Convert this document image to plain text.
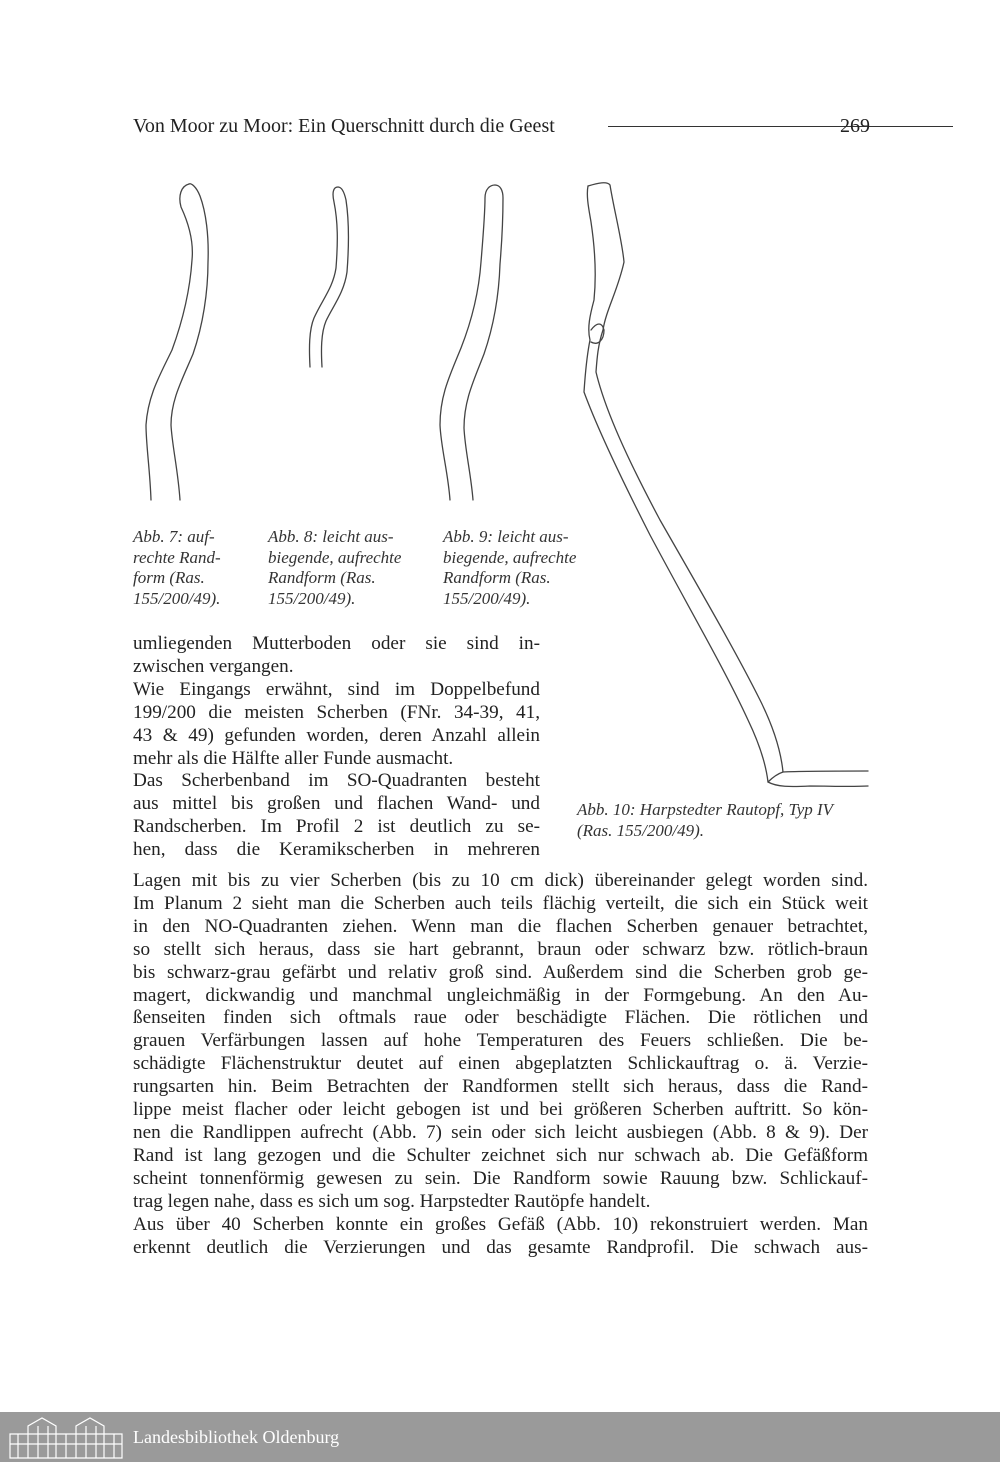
Von Moor zu Moor: Ein Querschnitt durch die Geest	269
Abb. 7: auf-
rechte Rand-
form (Ras.
155/200/49).
Abb. 8: leicht aus-
biegende, aufrechte
Randform (Ras.
155/200/49).
Abb. 9: leicht aus-
biegende, aufrechte
Randform (Ras.
155/200/49).
Abb. 10: Harpstedter Rautopf, Typ IV
(Ras. 155/200/49).
umliegenden Mutterboden oder sie sind in-
zwischen vergangen.
Wie Eingangs erwähnt, sind im Doppelbefund
199/200 die meisten Scherben (FNr. 34-39, 41,
43 & 49) gefunden worden, deren Anzahl allein
mehr als die Hälfte aller Funde ausmacht.
Das Scherbenband im SO-Quadranten besteht
aus mittel bis großen und flachen Wand- und
Randscherben. Im Profil 2 ist deutlich zu se-
hen, dass die Keramikscherben in mehreren
Lagen mit bis zu vier Scherben (bis zu 10 cm dick) übereinander gelegt worden sind.
Im Planum 2 sieht man die Scherben auch teils flächig verteilt, die sich ein Stück weit
in den NO-Quadranten ziehen. Wenn man die flachen Scherben genauer betrachtet,
so stellt sich heraus, dass sie hart gebrannt, braun oder schwarz bzw. rötlich-braun
bis schwarz-grau gefärbt und relativ groß sind. Außerdem sind die Scherben grob ge-
magert, dickwandig und manchmal ungleichmäßig in der Formgebung. An den Au-
ßenseiten finden sich oftmals raue oder beschädigte Flächen. Die rötlichen und
grauen Verfärbungen lassen auf hohe Temperaturen des Feuers schließen. Die be-
schädigte Flächenstruktur deutet auf einen abgeplatzten Schlickauftrag o. ä. Verzie-
rungsarten hin. Beim Betrachten der Randformen stellt sich heraus, dass die Rand-
lippe meist flacher oder leicht gebogen ist und bei größeren Scherben auftritt. So kön-
nen die Randlippen aufrecht (Abb. 7) sein oder sich leicht ausbiegen (Abb. 8 & 9). Der
Rand ist lang gezogen und die Schulter zeichnet sich nur schwach ab. Die Gefäßform
scheint tonnenförmig gewesen zu sein. Die Randform sowie Rauung bzw. Schlickauf-
trag legen nahe, dass es sich um sog. Harpstedter Rautöpfe handelt.
Aus über 40 Scherben konnte ein großes Gefäß (Abb. 10) rekonstruiert werden. Man
erkennt deutlich die Verzierungen und das gesamte Randprofil. Die schwach aus-
Landesbibliothek Oldenburg
